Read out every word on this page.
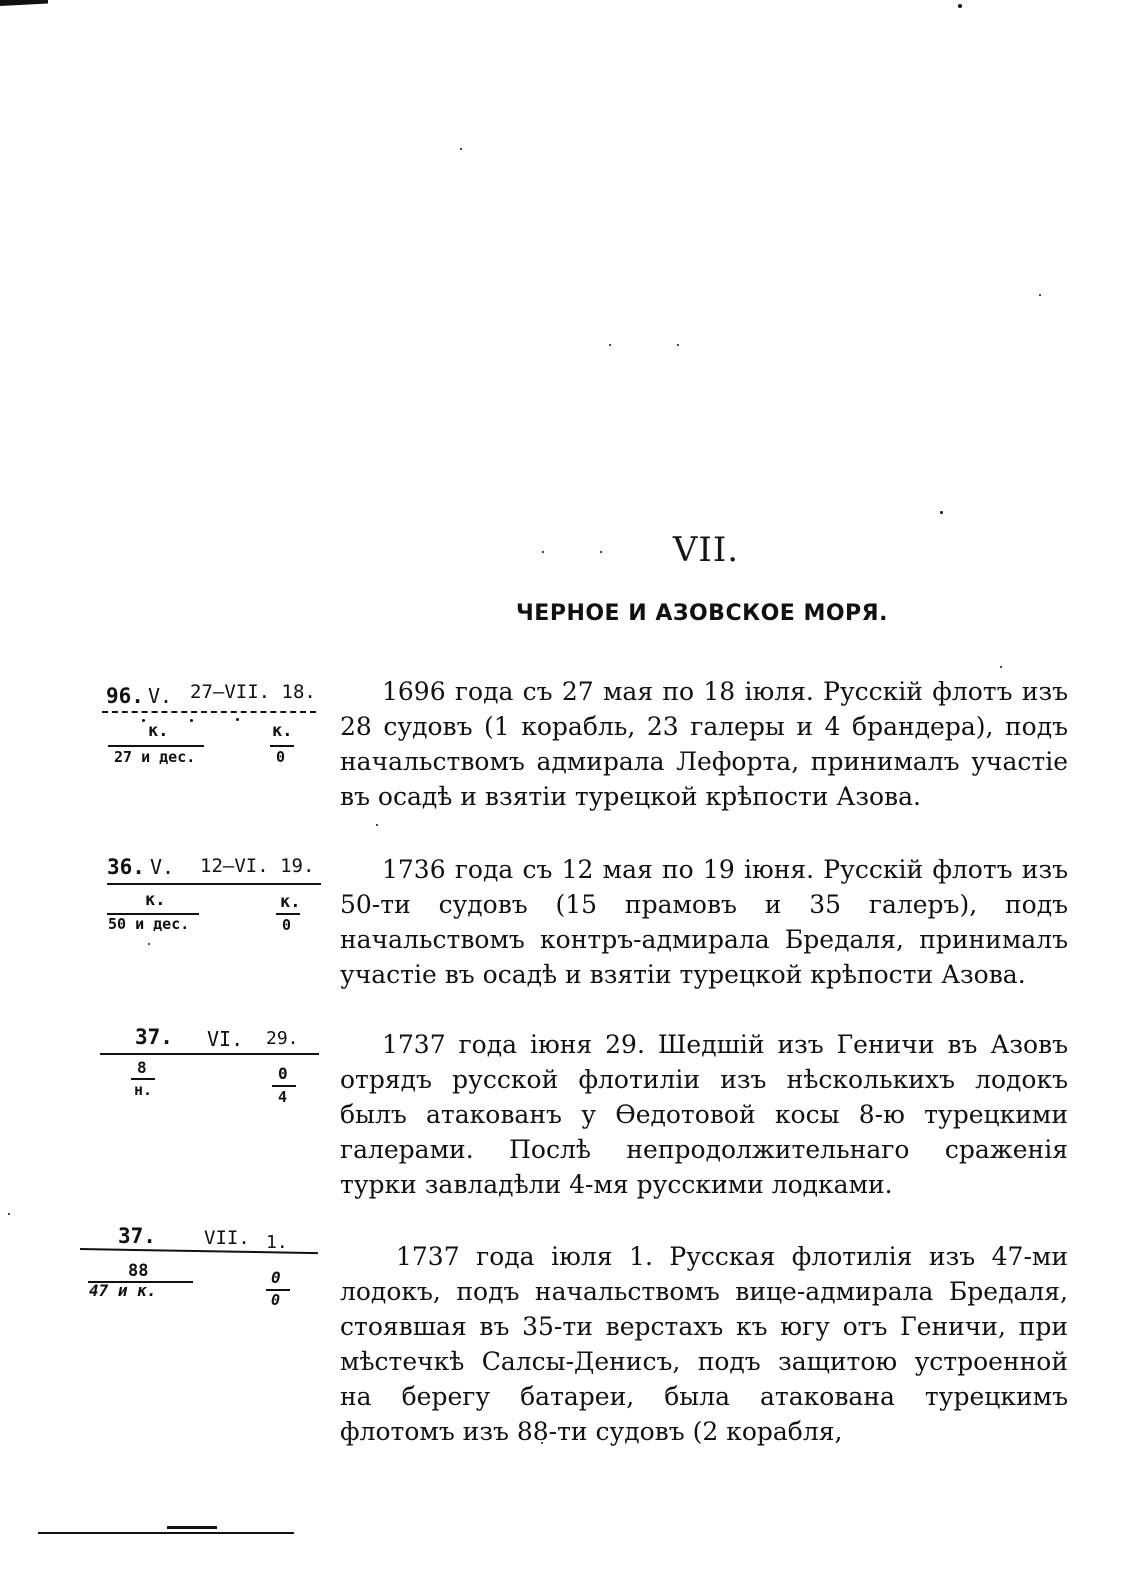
VII.
ЧЕРНОЕ И АЗОВСКОЕ МОРЯ.
96. V. 27—VII. 18.
к.
27 и дес.
к.
0

1696 года съ 27 мая по 18 іюля. Русскій флотъ изъ 28 судовъ (1 корабль, 23 галеры и 4 брандера), подъ начальствомъ адмирала Лефорта, принималъ участіе въ осадѣ и взятіи турецкой крѣпости Азова.

36. V. 12—VI. 19.
к.
50 и дес.
к.
0

1736 года съ 12 мая по 19 іюня. Русскій флотъ изъ 50-ти судовъ (15 прамовъ и 35 галеръ), подъ начальствомъ контръ-адмирала Бредаля, принималъ участіе въ осадѣ и взятіи турецкой крѣпости Азова.

37. VI. 29.
8
н.
0
4

1737 года іюня 29. Шедшій изъ Геничи въ Азовъ отрядъ русской флотиліи изъ нѣсколькихъ лодокъ былъ атакованъ у Ѳедотовой косы 8-ю турецкими галерами. Послѣ непродолжительнаго сраженія турки завладѣли 4-мя русскими лодками.

37.	VII. 1.
88
47 и к.
0
0

1737 года іюля 1. Русская флотилія изъ 47-ми лодокъ, подъ начальствомъ вице-адмирала Бредаля, стоявшая въ 35-ти верстахъ къ югу отъ Геничи, при мѣстечкѣ Салсы-Денисъ, подъ защитою устроенной на берегу батареи, была атакована турецкимъ флотомъ изъ 88-ти судовъ (2 корабля,
